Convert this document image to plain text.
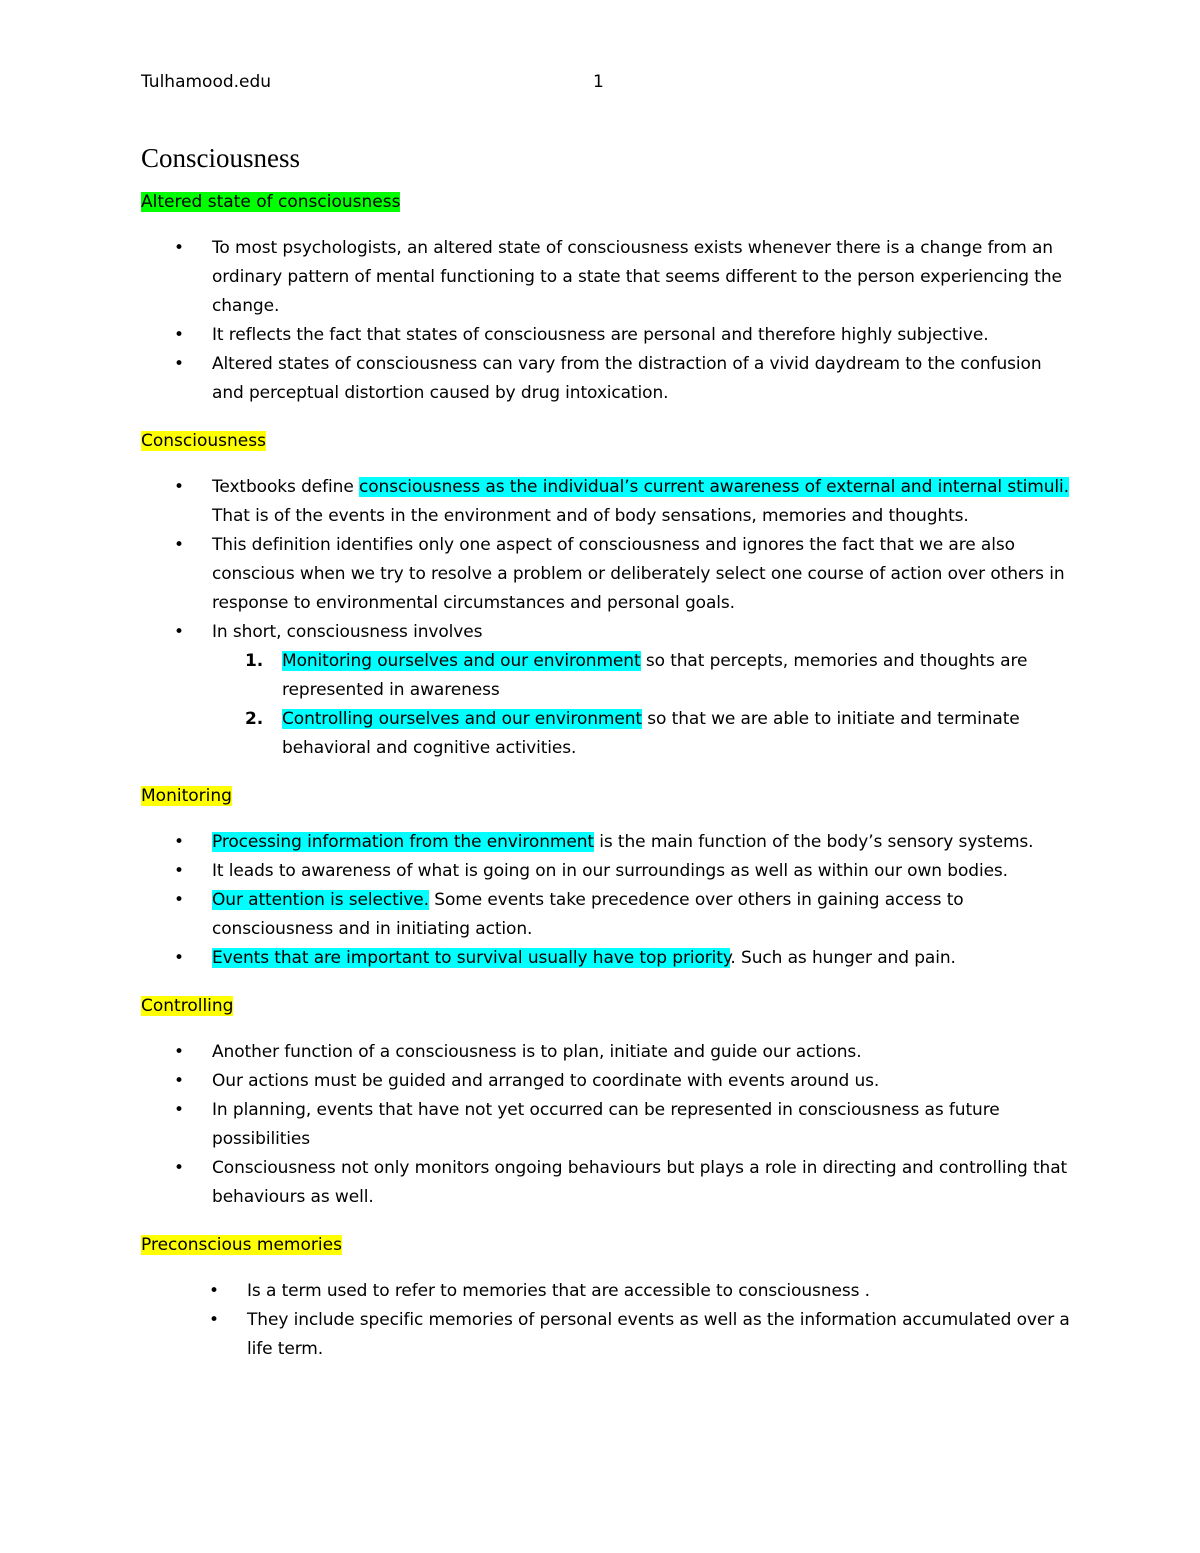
Tulhamood.edu	1
Consciousness
Altered state of consciousness
• To most psychologists, an altered state of consciousness exists whenever there is a change from an ordinary pattern of mental functioning to a state that seems different to the person experiencing the change.
• It reflects the fact that states of consciousness are personal and therefore highly subjective.
• Altered states of consciousness can vary from the distraction of a vivid daydream to the confusion and perceptual distortion caused by drug intoxication.
Consciousness
• Textbooks define consciousness as the individual’s current awareness of external and internal stimuli. That is of the events in the environment and of body sensations, memories and thoughts.
• This definition identifies only one aspect of consciousness and ignores the fact that we are also conscious when we try to resolve a problem or deliberately select one course of action over others in response to environmental circumstances and personal goals.
• In short, consciousness involves
1. Monitoring ourselves and our environment so that percepts, memories and thoughts are represented in awareness
2. Controlling ourselves and our environment so that we are able to initiate and terminate behavioral and cognitive activities.
Monitoring
• Processing information from the environment is the main function of the body’s sensory systems.
• It leads to awareness of what is going on in our surroundings as well as within our own bodies.
• Our attention is selective. Some events take precedence over others in gaining access to consciousness and in initiating action.
• Events that are important to survival usually have top priority. Such as hunger and pain.
Controlling
• Another function of a consciousness is to plan, initiate and guide our actions.
• Our actions must be guided and arranged to coordinate with events around us.
• In planning, events that have not yet occurred can be represented in consciousness as future possibilities
• Consciousness not only monitors ongoing behaviours but plays a role in directing and controlling that behaviours as well.
Preconscious memories
• Is a term used to refer to memories that are accessible to consciousness .
• They include specific memories of personal events as well as the information accumulated over a life term.
